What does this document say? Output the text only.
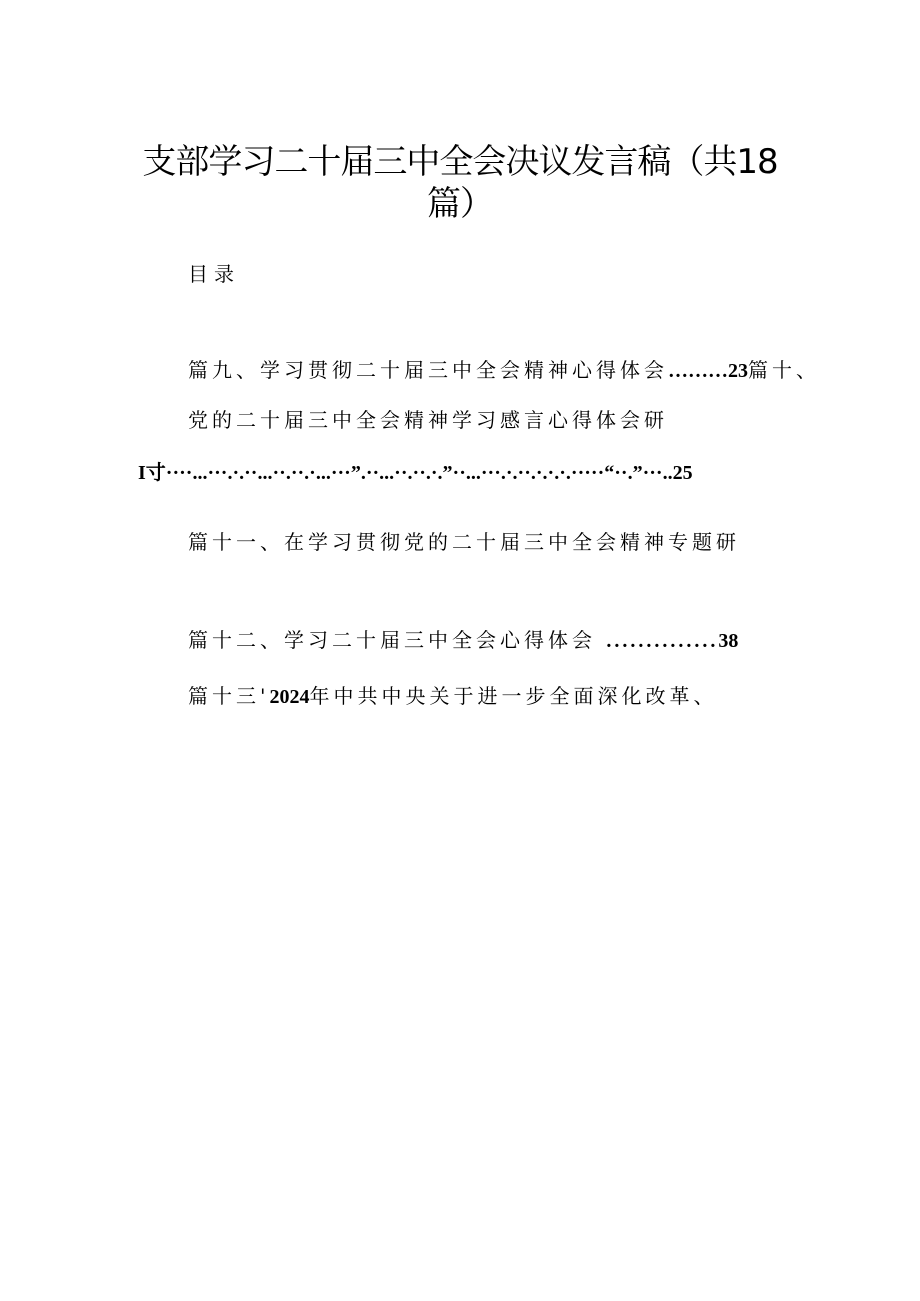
支部学习二十届三中全会决议发言稿（共18
篇）
目录
篇九、学习贯彻二十届三中全会精神心得体会………23篇十、
党的二十届三中全会精神学习感言心得体会研
I寸····...···.·.··...··.··.·...···”.··...··.··.·.”··...···.·.··.·.·.·.·····“··.”···..25
篇十一、在学习贯彻党的二十届三中全会精神专题研
篇十二、学习二十届三中全会心得体会 ..............38
篇十三'2024年中共中央关于进一步全面深化改革、
